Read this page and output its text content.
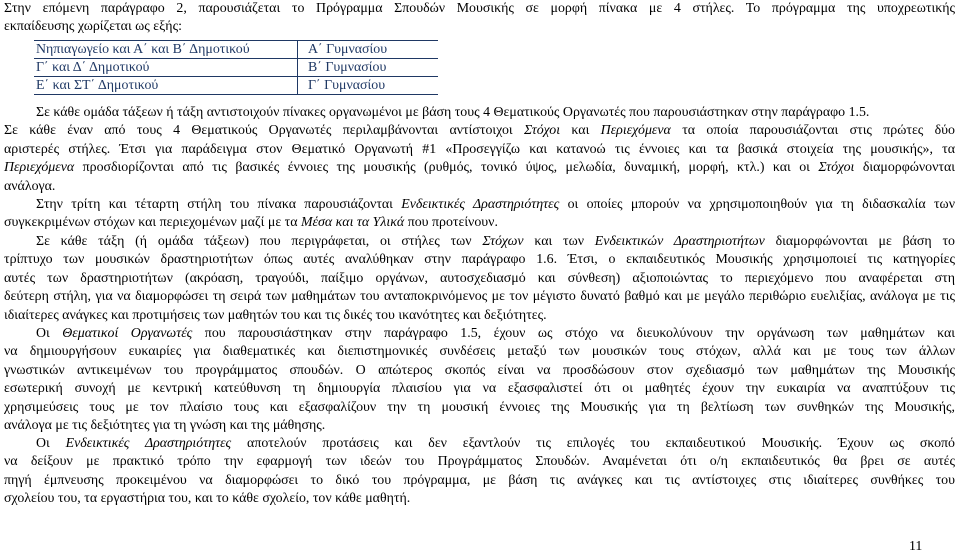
Στην επόμενη παράγραφο 2, παρουσιάζεται το Πρόγραμμα Σπουδών Μουσικής σε μορφή πίνακα με 4 στήλες. Το πρόγραμμα της υποχρεωτικής
εκπαίδευσης χωρίζεται ως εξής:
Νηπιαγωγείο και Α΄ και Β΄ Δημοτικού	Α΄ Γυμνασίου
Γ΄ και Δ΄ Δημοτικού	Β΄ Γυμνασίου
Ε΄ και ΣΤ΄ Δημοτικού	Γ΄ Γυμνασίου
Σε κάθε ομάδα τάξεων ή τάξη αντιστοιχούν πίνακες οργανωμένοι με βάση τους 4 Θεματικούς Οργανωτές που παρουσιάστηκαν στην παράγραφο 1.5.
Σε κάθε έναν από τους 4 Θεματικούς Οργανωτές περιλαμβάνονται αντίστοιχοι Στόχοι και Περιεχόμενα τα οποία παρουσιάζονται στις πρώτες δύο
αριστερές στήλες. Έτσι για παράδειγμα στον Θεματικό Οργανωτή #1 «Προσεγγίζω και κατανοώ τις έννοιες και τα βασικά στοιχεία της μουσικής», τα
Περιεχόμενα προσδιορίζονται από τις βασικές έννοιες της μουσικής (ρυθμός, τονικό ύψος, μελωδία, δυναμική, μορφή, κτλ.) και οι Στόχοι διαμορφώνονται
ανάλογα.
Στην τρίτη και τέταρτη στήλη του πίνακα παρουσιάζονται Ενδεικτικές Δραστηριότητες οι οποίες μπορούν να χρησιμοποιηθούν για τη διδασκαλία των
συγκεκριμένων στόχων και περιεχομένων μαζί με τα Μέσα και τα Υλικά που προτείνουν.
Σε κάθε τάξη (ή ομάδα τάξεων) που περιγράφεται, οι στήλες των Στόχων και των Ενδεικτικών Δραστηριοτήτων διαμορφώνονται με βάση το
τρίπτυχο των μουσικών δραστηριοτήτων όπως αυτές αναλύθηκαν στην παράγραφο 1.6. Έτσι, ο εκπαιδευτικός Μουσικής χρησιμοποιεί τις κατηγορίες
αυτές των δραστηριοτήτων (ακρόαση, τραγούδι, παίξιμο οργάνων, αυτοσχεδιασμό και σύνθεση) αξιοποιώντας το περιεχόμενο που αναφέρεται στη
δεύτερη στήλη, για να διαμορφώσει τη σειρά των μαθημάτων του ανταποκρινόμενος με τον μέγιστο δυνατό βαθμό και με μεγάλο περιθώριο ευελιξίας, ανάλογα με τις
ιδιαίτερες ανάγκες και προτιμήσεις των μαθητών του και τις δικές του ικανότητες και δεξιότητες.
Οι Θεματικοί Οργανωτές που παρουσιάστηκαν στην παράγραφο 1.5, έχουν ως στόχο να διευκολύνουν την οργάνωση των μαθημάτων και
να δημιουργήσουν ευκαιρίες για διαθεματικές και διεπιστημονικές συνδέσεις μεταξύ των μουσικών τους στόχων, αλλά και με τους των άλλων
γνωστικών αντικειμένων του προγράμματος σπουδών. Ο απώτερος σκοπός είναι να προσδώσουν στον σχεδιασμό των μαθημάτων της Μουσικής
εσωτερική συνοχή με κεντρική κατεύθυνση τη δημιουργία πλαισίου για να εξασφαλιστεί ότι οι μαθητές έχουν την ευκαιρία να αναπτύξουν τις
χρησιμεύσεις τους με τον πλαίσιο τους και εξασφαλίζουν την τη μουσική έννοιες της Μουσικής για τη βελτίωση των συνθηκών της Μουσικής,
ανάλογα με τις δεξιότητες για τη γνώση και της μάθησης.
Οι Ενδεικτικές Δραστηριότητες αποτελούν προτάσεις και δεν εξαντλούν τις επιλογές του εκπαιδευτικού Μουσικής. Έχουν ως σκοπό
να δείξουν με πρακτικό τρόπο την εφαρμογή των ιδεών του Προγράμματος Σπουδών. Αναμένεται ότι ο/η εκπαιδευτικός θα βρει σε αυτές
πηγή έμπνευσης προκειμένου να διαμορφώσει το δικό του πρόγραμμα, με βάση τις ανάγκες και τις αντίστοιχες στις ιδιαίτερες συνθήκες του
σχολείου του, τα εργαστήρια του, και το κάθε σχολείο, τον κάθε μαθητή.
11
